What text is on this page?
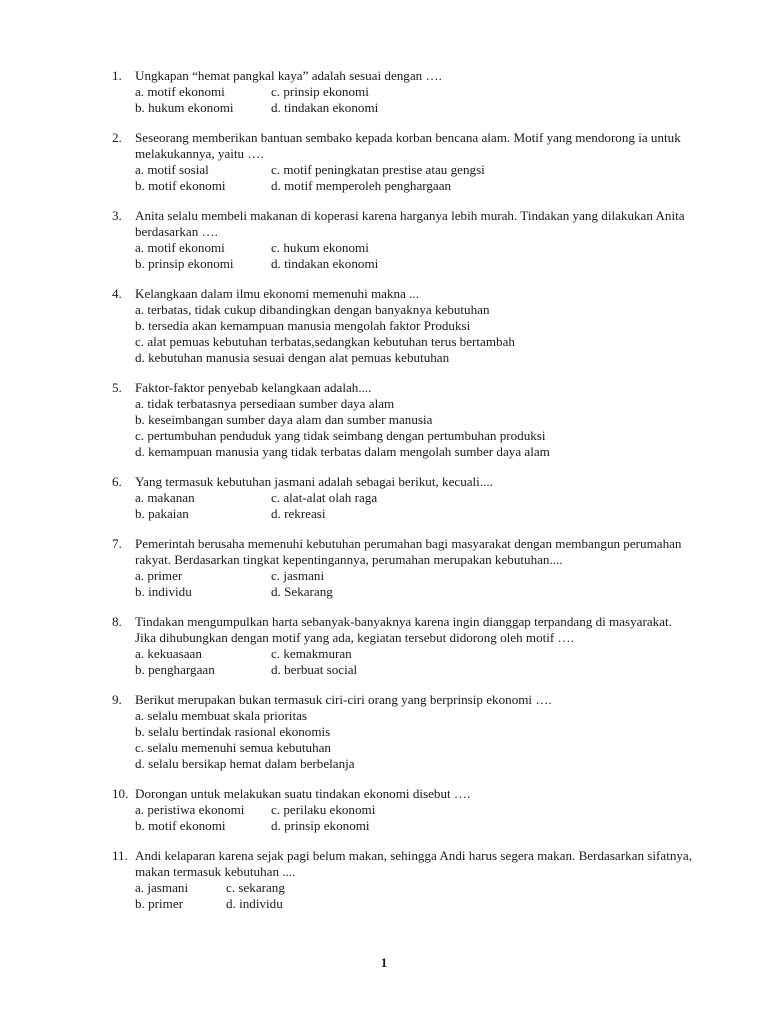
1. Ungkapan “hemat pangkal kaya” adalah sesuai dengan ….
a. motif ekonomi	c. prinsip ekonomi
b. hukum ekonomi	d. tindakan ekonomi
2. Seseorang memberikan bantuan sembako kepada korban bencana alam. Motif yang mendorong ia untuk melakukannya, yaitu ….
a. motif sosial	c. motif peningkatan prestise atau gengsi
b. motif ekonomi	d. motif memperoleh penghargaan
3. Anita selalu membeli makanan di koperasi karena harganya lebih murah. Tindakan yang dilakukan Anita berdasarkan ….
a. motif ekonomi	c. hukum ekonomi
b. prinsip ekonomi	d. tindakan ekonomi
4. Kelangkaan dalam ilmu ekonomi memenuhi makna ...
a. terbatas, tidak cukup dibandingkan dengan banyaknya kebutuhan
b. tersedia akan kemampuan manusia mengolah faktor Produksi
c. alat pemuas kebutuhan terbatas,sedangkan kebutuhan terus bertambah
d. kebutuhan manusia sesuai dengan alat pemuas kebutuhan
5. Faktor-faktor penyebab kelangkaan adalah....
a. tidak terbatasnya persediaan sumber daya alam
b. keseimbangan sumber daya alam dan sumber manusia
c. pertumbuhan penduduk yang tidak seimbang dengan pertumbuhan produksi
d. kemampuan manusia yang tidak terbatas dalam mengolah sumber daya alam
6. Yang termasuk kebutuhan jasmani adalah sebagai berikut, kecuali....
a. makanan	c. alat-alat olah raga
b. pakaian	d. rekreasi
7. Pemerintah berusaha memenuhi kebutuhan perumahan bagi masyarakat dengan membangun perumahan rakyat. Berdasarkan tingkat kepentingannya, perumahan merupakan kebutuhan....
a. primer	c. jasmani
b. individu	d. Sekarang
8. Tindakan mengumpulkan harta sebanyak-banyaknya karena ingin dianggap terpandang di masyarakat. Jika dihubungkan dengan motif yang ada, kegiatan tersebut didorong oleh motif ….
a. kekuasaan	c. kemakmuran
b. penghargaan	d. berbuat social
9. Berikut merupakan bukan termasuk ciri-ciri orang yang berprinsip ekonomi ….
a. selalu membuat skala prioritas
b. selalu bertindak rasional ekonomis
c. selalu memenuhi semua kebutuhan
d. selalu bersikap hemat dalam berbelanja
10. Dorongan untuk melakukan suatu tindakan ekonomi disebut ….
a. peristiwa ekonomi	c. perilaku ekonomi
b. motif ekonomi	d. prinsip ekonomi
11. Andi kelaparan karena sejak pagi belum makan, sehingga Andi harus segera makan. Berdasarkan sifatnya, makan termasuk kebutuhan ....
a. jasmani	c. sekarang
b. primer	d. individu
1
